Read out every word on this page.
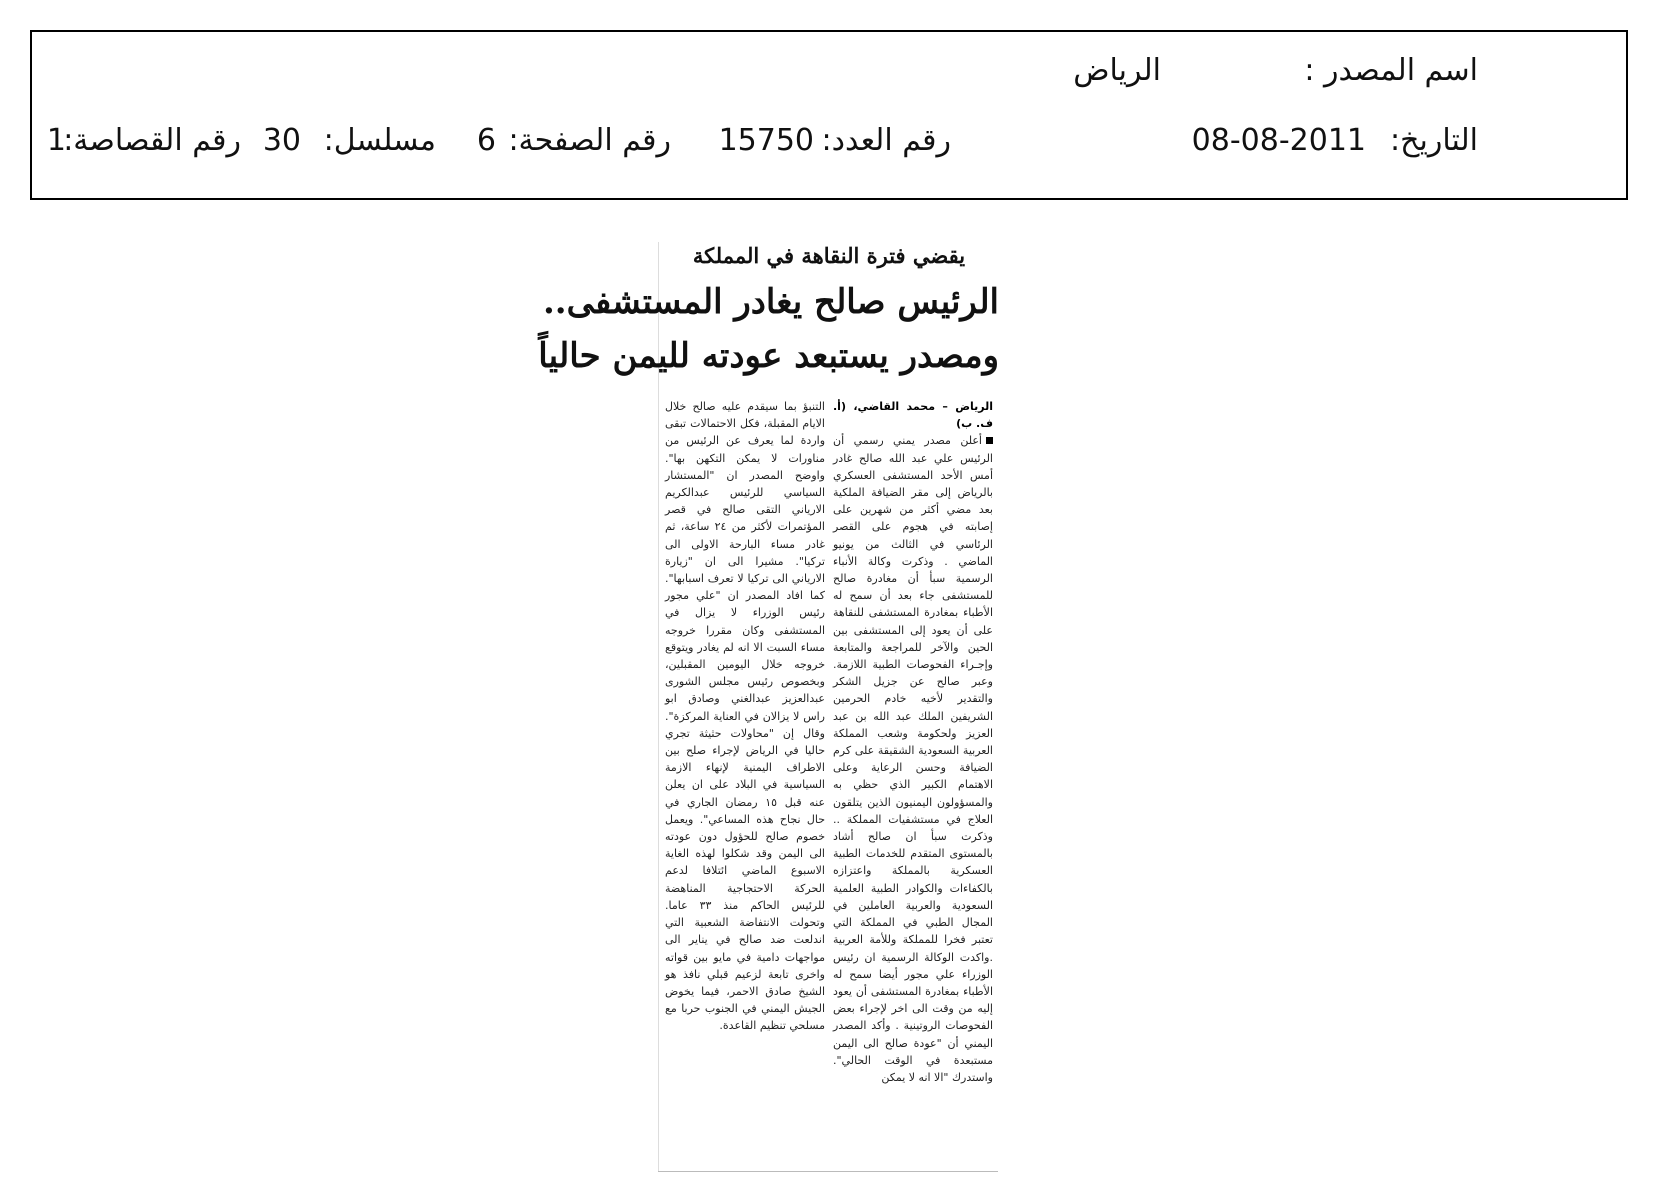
اسم المصدر :
الرياض
التاريخ:
08-08-2011
رقم العدد:
15750
رقم الصفحة:
6
مسلسل:
30
رقم القصاصة:
1
يقضي فترة النقاهة في المملكة
الرئيس صالح يغادر المستشفى..
ومصدر يستبعد عودته لليمن حالياً
الرياض – محمد القاضي، (أ. ف. ب)
أعلن مصدر يمني رسمي أن الرئيس علي عبد الله صالح غادر أمس الأحد المستشفى العسكري بالرياض إلى مقر الضيافة الملكية بعد مضي أكثر من شهرين على إصابته في هجوم على القصر الرئاسي في الثالث من يونيو الماضي . وذكرت وكالة الأنباء الرسمية سبأ أن مغادرة صالح للمستشفى جاء بعد أن سمح له الأطباء بمغادرة المستشفى للنقاهة على أن يعود إلى المستشفى بين الحين والآخر للمراجعة والمتابعة وإجـراء الفحوصات الطبية اللازمة. وعبر صالح عن جزيل الشكر والتقدير لأخيه خادم الحرمين الشريفين الملك عبد الله بن عبد العزيز ولحكومة وشعب المملكة العربية السعودية الشقيقة على كرم الضيافة وحسن الرعاية وعلى الاهتمام الكبير الذي حظي به والمسؤولون اليمنيون الذين يتلقون العلاج في مستشفيات المملكة .. وذكرت سبأ ان صالح أشاد بالمستوى المتقدم للخدمات الطبية العسكرية بالمملكة واعتزازه بالكفاءات والكوادر الطبية العلمية السعودية والعربية العاملين في المجال الطبي في المملكة التي تعتبر فخرا للمملكة وللأمة العربية .واكدت الوكالة الرسمية ان رئيس الوزراء علي مجور أيضا سمح له الأطباء بمغادرة المستشفى أن يعود إليه من وقت الى اخر لإجراء بعض الفحوصات الروتينية . وأكد المصدر اليمني أن "عودة صالح الى اليمن مستبعدة في الوقت الحالي". واستدرك "الا انه لا يمكن
التنبؤ بما سيقدم عليه صالح خلال الايام المقبلة، فكل الاحتمالات تبقى واردة لما يعرف عن الرئيس من مناورات لا يمكن التكهن بها". واوضح المصدر ان "المستشار السياسي للرئيس عبدالكريم الارياني التقى صالح في قصر المؤتمرات لأكثر من ٢٤ ساعة، ثم غادر مساء البارحة الاولى الى تركيا". مشيرا الى ان "زيارة الارياني الى تركيا لا تعرف اسبابها". كما افاد المصدر ان "علي مجور رئيس الوزراء لا يزال في المستشفى وكان مقررا خروجه مساء السبت الا انه لم يغادر ويتوقع خروجه خلال اليومين المقبلين، وبخصوص رئيس مجلس الشورى عبدالعزيز عبدالغني وصادق ابو راس لا يزالان في العناية المركزة". وقال إن "محاولات حثيثة تجري حاليا في الرياض لإجراء صلح بين الاطراف اليمنية لإنهاء الازمة السياسية في البلاد على ان يعلن عنه قبل ١٥ رمضان الجاري في حال نجاح هذه المساعي". ويعمل خصوم صالح للحؤول دون عودته الى اليمن وقد شكلوا لهذه الغاية الاسبوع الماضي ائتلافا لدعم الحركة الاحتجاجية المناهضة للرئيس الحاكم منذ ٣٣ عاما. وتحولت الانتفاضة الشعبية التي اندلعت ضد صالح في يناير الى مواجهات دامية في مايو بين قواته واخرى تابعة لزعيم قبلي نافذ هو الشيخ صادق الاحمر، فيما يخوض الجيش اليمني في الجنوب حربا مع مسلحي تنظيم القاعدة.
